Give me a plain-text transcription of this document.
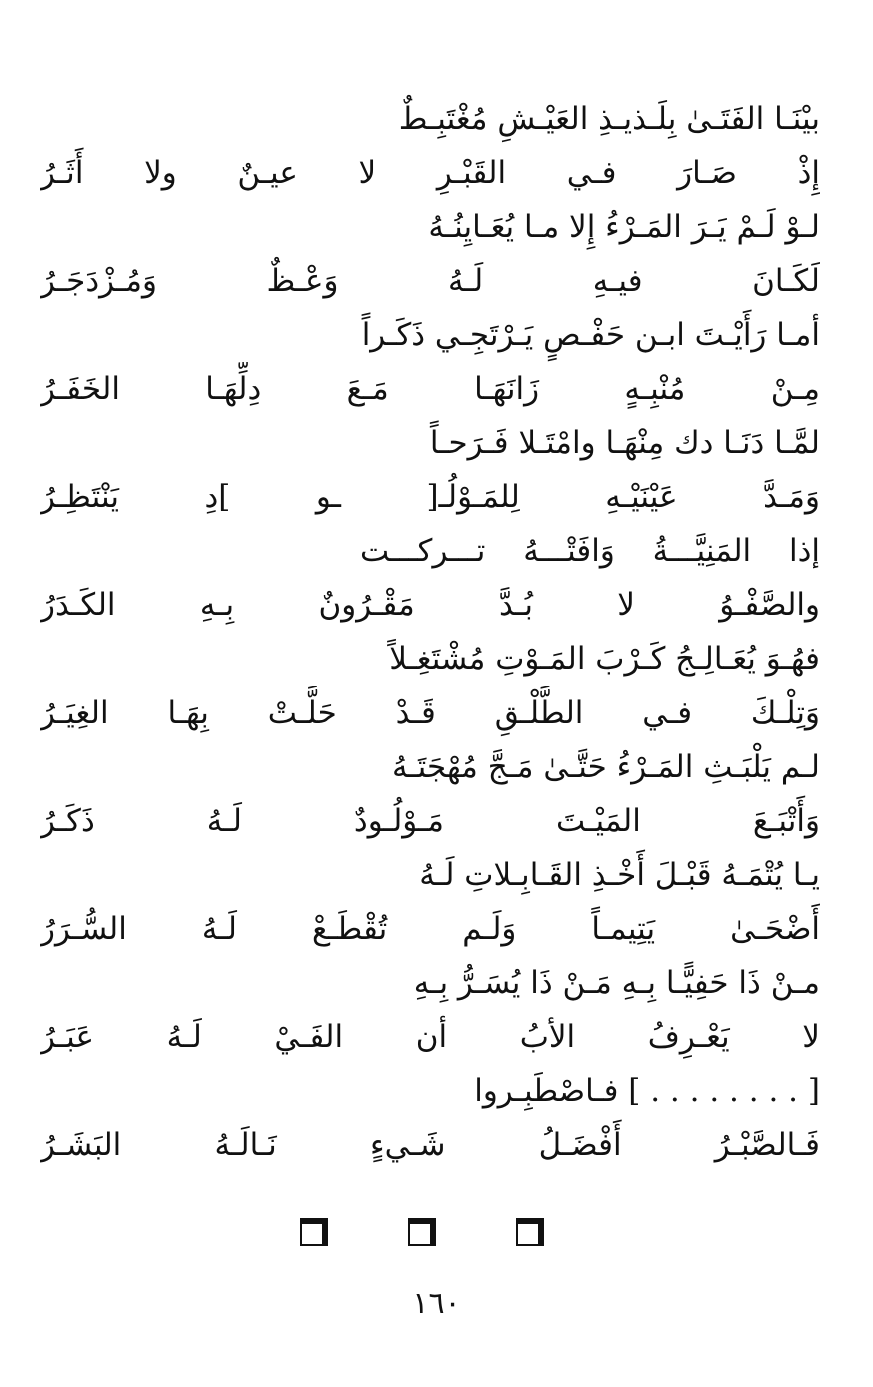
بيْنَـا الفَتَـىٰ بِلَـذيـذِ العَيْـشِ مُغْتَبِـطٌ
إِذْ صَـارَ فـي القَبْـرِ لا عيـنٌ ولا أَثَـرُ
لـوْ لَـمْ يَـرَ المَـرْءُ إِلا مـا يُعَـايِنُـهُ
لَكَـانَ فيـهِ لَـهُ وَعْـظٌ وَمُـزْدَجَـرُ
أمـا رَأَيْـتَ ابـن حَفْـصٍ يَـرْتَجِـي ذَكَـراً
مِـنْ مُنْبِـهٍ زَانَهَـا مَـعَ دِلِّهَـا الخَفَـرُ
لمَّـا دَنَـا دك مِنْهَـا وامْتَـلا فَـرَحـاً
وَمَـدَّ عَيْنَيْـهِ لِلمَـوْلُـ[ ـو ]دِ يَنْتَظِـرُ
إذا المَنِيَّـــةُ وَافَتْـــهُ تـــركـــت
والصَّفْـوُ لا بُـدَّ مَقْـرُونٌ بِـهِ الكَـدَرُ
فهُـوَ يُعَـالِـجُ كَـرْبَ المَـوْتِ مُشْتَغِـلاً
وَتِلْـكَ فـي الطَّلْـقِ قَـدْ حَلَّـتْ بِهَـا الغِيَـرُ
لـم يَلْبَـثِ المَـرْءُ حَتَّـىٰ مَـجَّ مُهْجَتَـهُ
وَأَتْبَـعَ المَيْـتَ مَـوْلُـودٌ لَـهُ ذَكَـرُ
يـا يُتْمَـهُ قَبْـلَ أَخْـذِ القَـابِـلاتِ لَـهُ
أَضْحَـىٰ يَتِيمـاً وَلَـم تُقْطَـعْ لَـهُ السُّـرَرُ
مـنْ ذَا حَفِيًّـا بِـهِ مَـنْ ذَا يُسَـرُّ بِـهِ
لا يَعْـرِفُ الأبُ أن الفَـيْ لَـهُ عَبَـرُ
[ . . . . . . . . ] فـاصْطَبِـروا
فَـالصَّبْـرُ أَفْضَـلُ شَـيءٍ نَـالَـهُ البَشَـرُ
١٦٠
